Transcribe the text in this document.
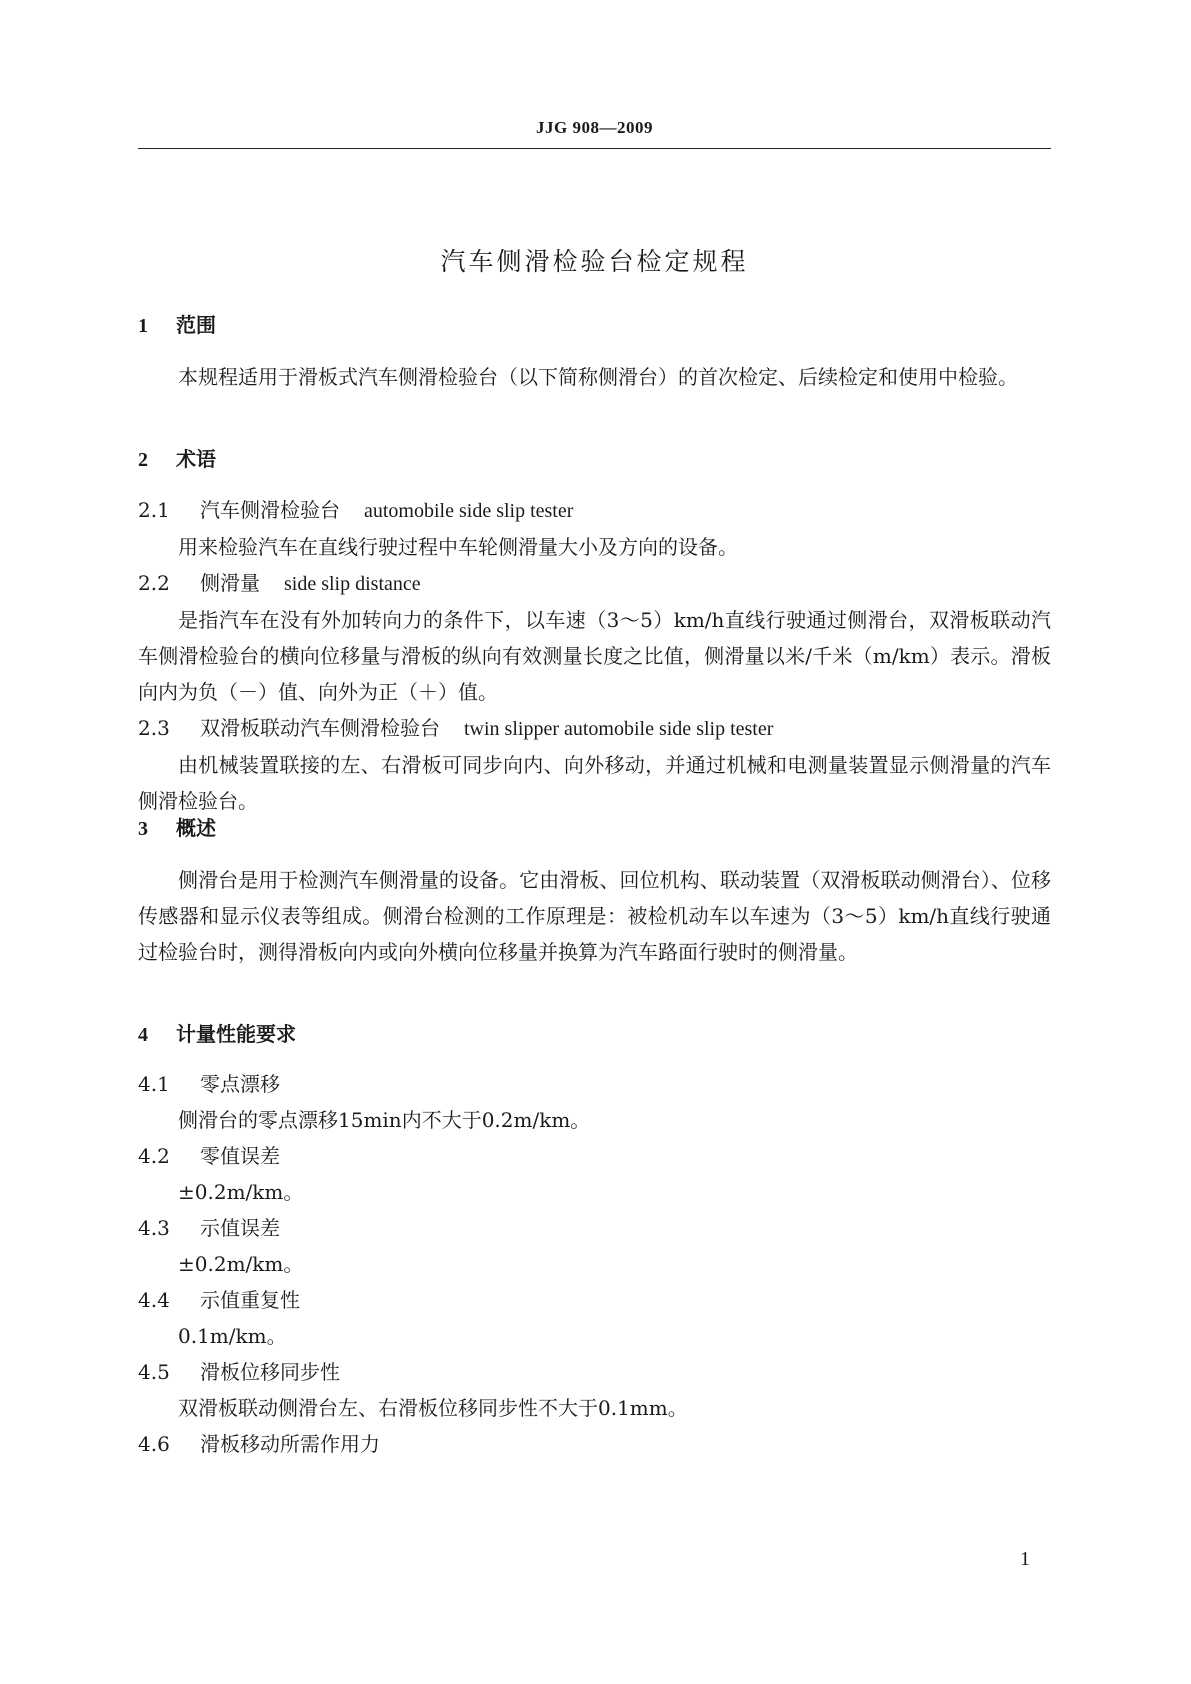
JJG 908—2009
汽车侧滑检验台检定规程
1 范围

本规程适用于滑板式汽车侧滑检验台（以下简称侧滑台）的首次检定、后续检定和使用中检验。

2 术语
2.1 汽车侧滑检验台 automobile side slip tester
用来检验汽车在直线行驶过程中车轮侧滑量大小及方向的设备。
2.2 侧滑量 side slip distance

是指汽车在没有外加转向力的条件下，以车速（3～5）km/h直线行驶通过侧滑台，双滑板联动汽车侧滑检验台的横向位移量与滑板的纵向有效测量长度之比值，侧滑量以米/千米（m/km）表示。滑板向内为负（－）值、向外为正（＋）值。

2.3 双滑板联动汽车侧滑检验台 twin slipper automobile side slip tester

由机械装置联接的左、右滑板可同步向内、向外移动，并通过机械和电测量装置显示侧滑量的汽车侧滑检验台。

3 概述

侧滑台是用于检测汽车侧滑量的设备。它由滑板、回位机构、联动装置（双滑板联动侧滑台）、位移传感器和显示仪表等组成。侧滑台检测的工作原理是：被检机动车以车速为（3～5）km/h直线行驶通过检验台时，测得滑板向内或向外横向位移量并换算为汽车路面行驶时的侧滑量。

4 计量性能要求
4.1 零点漂移
侧滑台的零点漂移15min内不大于0.2m/km。
4.2 零值误差
±0.2m/km。
4.3 示值误差
±0.2m/km。
4.4 示值重复性
0.1m/km。
4.5 滑板位移同步性
双滑板联动侧滑台左、右滑板位移同步性不大于0.1mm。
4.6 滑板移动所需作用力
1
